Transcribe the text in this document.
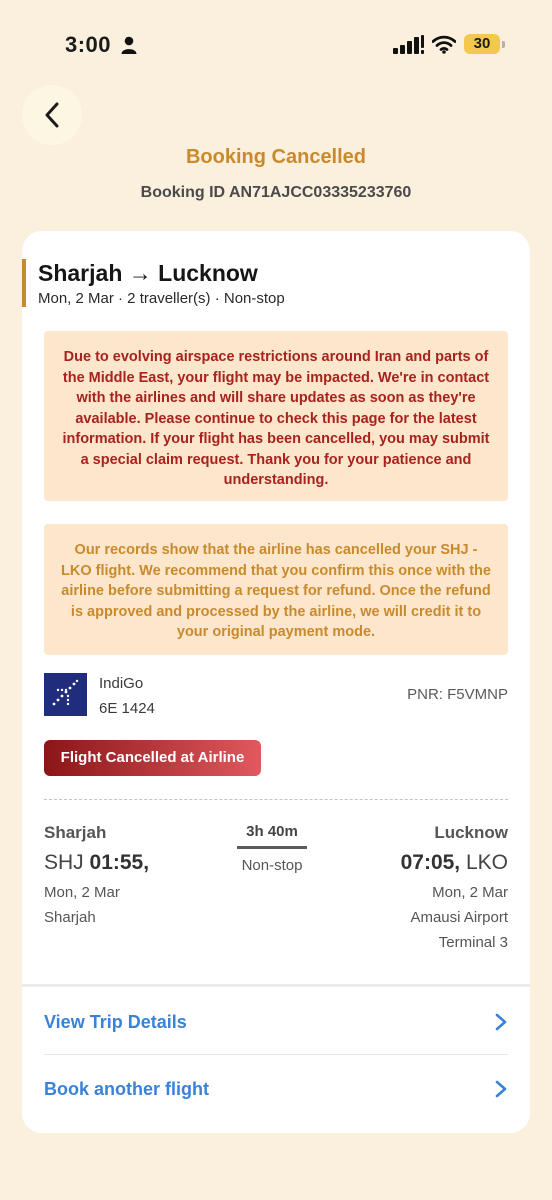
3:00	30
Booking Cancelled
Booking ID AN71AJCC03335233760
Sharjah → Lucknow
Mon, 2 Mar · 2 traveller(s) · Non-stop
Due to evolving airspace restrictions around Iran and parts of the Middle East, your flight may be impacted. We're in contact with the airlines and will share updates as soon as they're available. Please continue to check this page for the latest information. If your flight has been cancelled, you may submit a special claim request. Thank you for your patience and understanding.
Our records show that the airline has cancelled your SHJ - LKO flight. We recommend that you confirm this once with the airline before submitting a request for refund. Once the refund is approved and processed by the airline, we will credit it to your original payment mode.
IndiGo
6E 1424
PNR: F5VMNP
Flight Cancelled at Airline
Sharjah
SHJ 01:55,
Mon, 2 Mar
Sharjah
3h 40m
Non-stop
Lucknow
07:05, LKO
Mon, 2 Mar
Amausi Airport
Terminal 3
View Trip Details
Book another flight
